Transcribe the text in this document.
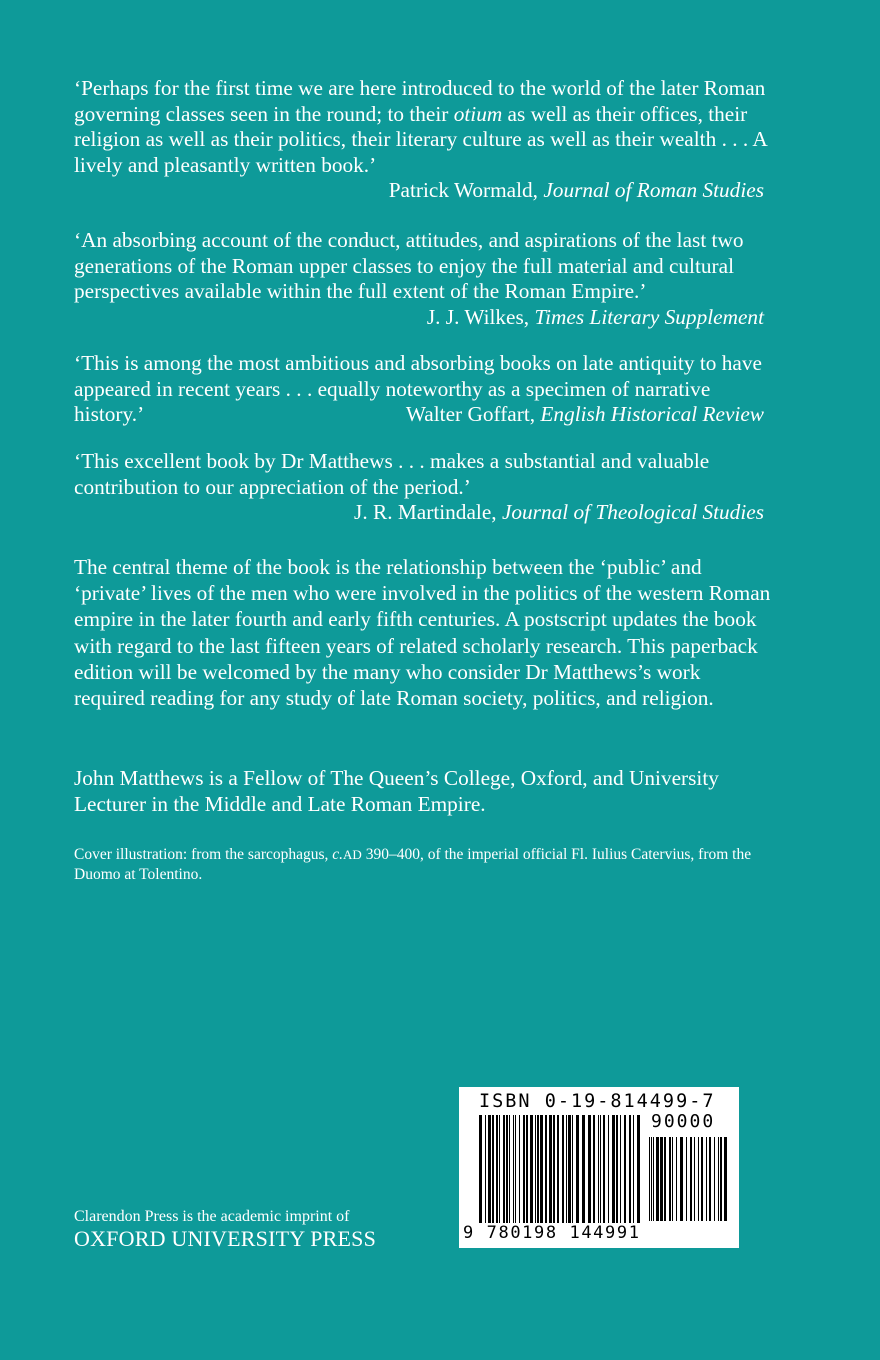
‘Perhaps for the first time we are here introduced to the world of the later Roman governing classes seen in the round; to their otium as well as their offices, their religion as well as their politics, their literary culture as well as their wealth . . . A lively and pleasantly written book.’

Patrick Wormald, Journal of Roman Studies

‘An absorbing account of the conduct, attitudes, and aspirations of the last two generations of the Roman upper classes to enjoy the full material and cultural perspectives available within the full extent of the Roman Empire.’

J. J. Wilkes, Times Literary Supplement

‘This is among the most ambitious and absorbing books on late antiquity to have appeared in recent years . . . equally noteworthy as a specimen of narrative history.’	Walter Goffart, English Historical Review

‘This excellent book by Dr Matthews . . . makes a substantial and valuable contribution to our appreciation of the period.’

J. R. Martindale, Journal of Theological Studies

The central theme of the book is the relationship between the ‘public’ and ‘private’ lives of the men who were involved in the politics of the western Roman empire in the later fourth and early fifth centuries. A postscript updates the book with regard to the last fifteen years of related scholarly research. This paperback edition will be welcomed by the many who consider Dr Matthews’s work required reading for any study of late Roman society, politics, and religion.

John Matthews is a Fellow of The Queen’s College, Oxford, and University Lecturer in the Middle and Late Roman Empire.

Cover illustration: from the sarcophagus, c.AD 390–400, of the imperial official Fl. Iulius Catervius, from the Duomo at Tolentino.

Clarendon Press is the academic imprint of
OXFORD UNIVERSITY PRESS
ISBN 0-19-814499-7
90000
9 780198 144991
